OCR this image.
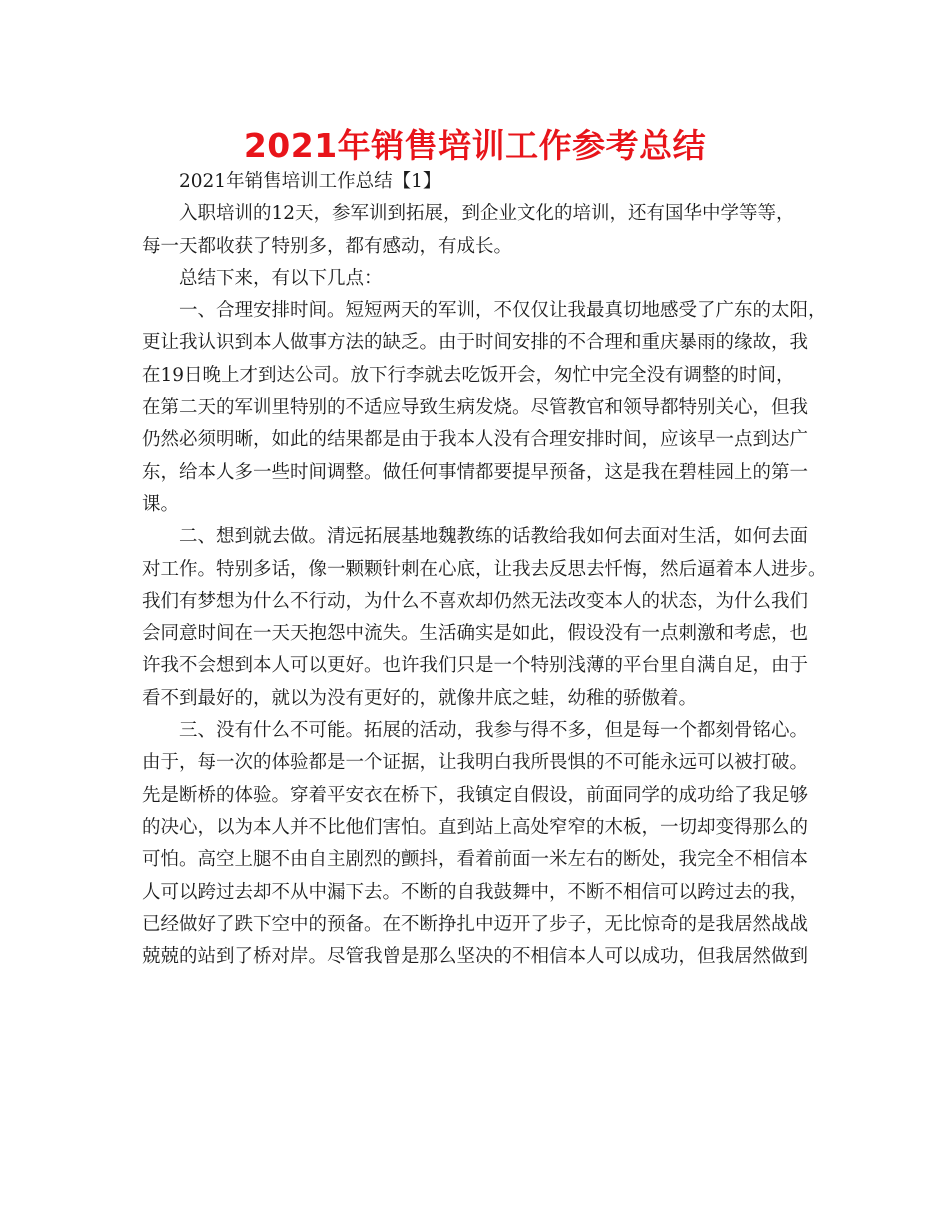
2021年销售培训工作参考总结
2021年销售培训工作总结【1】
入职培训的12天，参军训到拓展，到企业文化的培训，还有国华中学等等，
每一天都收获了特别多，都有感动，有成长。
总结下来，有以下几点：
一、合理安排时间。短短两天的军训，不仅仅让我最真切地感受了广东的太阳，
更让我认识到本人做事方法的缺乏。由于时间安排的不合理和重庆暴雨的缘故，我
在19日晚上才到达公司。放下行李就去吃饭开会，匆忙中完全没有调整的时间，
在第二天的军训里特别的不适应导致生病发烧。尽管教官和领导都特别关心，但我
仍然必须明晰，如此的结果都是由于我本人没有合理安排时间，应该早一点到达广
东，给本人多一些时间调整。做任何事情都要提早预备，这是我在碧桂园上的第一
课。
二、想到就去做。清远拓展基地魏教练的话教给我如何去面对生活，如何去面
对工作。特别多话，像一颗颗针刺在心底，让我去反思去忏悔，然后逼着本人进步。
我们有梦想为什么不行动，为什么不喜欢却仍然无法改变本人的状态，为什么我们
会同意时间在一天天抱怨中流失。生活确实是如此，假设没有一点刺激和考虑，也
许我不会想到本人可以更好。也许我们只是一个特别浅薄的平台里自满自足，由于
看不到最好的，就以为没有更好的，就像井底之蛙，幼稚的骄傲着。
三、没有什么不可能。拓展的活动，我参与得不多，但是每一个都刻骨铭心。
由于，每一次的体验都是一个证据，让我明白我所畏惧的不可能永远可以被打破。
先是断桥的体验。穿着平安衣在桥下，我镇定自假设，前面同学的成功给了我足够
的决心，以为本人并不比他们害怕。直到站上高处窄窄的木板，一切却变得那么的
可怕。高空上腿不由自主剧烈的颤抖，看着前面一米左右的断处，我完全不相信本
人可以跨过去却不从中漏下去。不断的自我鼓舞中，不断不相信可以跨过去的我，
已经做好了跌下空中的预备。在不断挣扎中迈开了步子，无比惊奇的是我居然战战
兢兢的站到了桥对岸。尽管我曾是那么坚决的不相信本人可以成功，但我居然做到
